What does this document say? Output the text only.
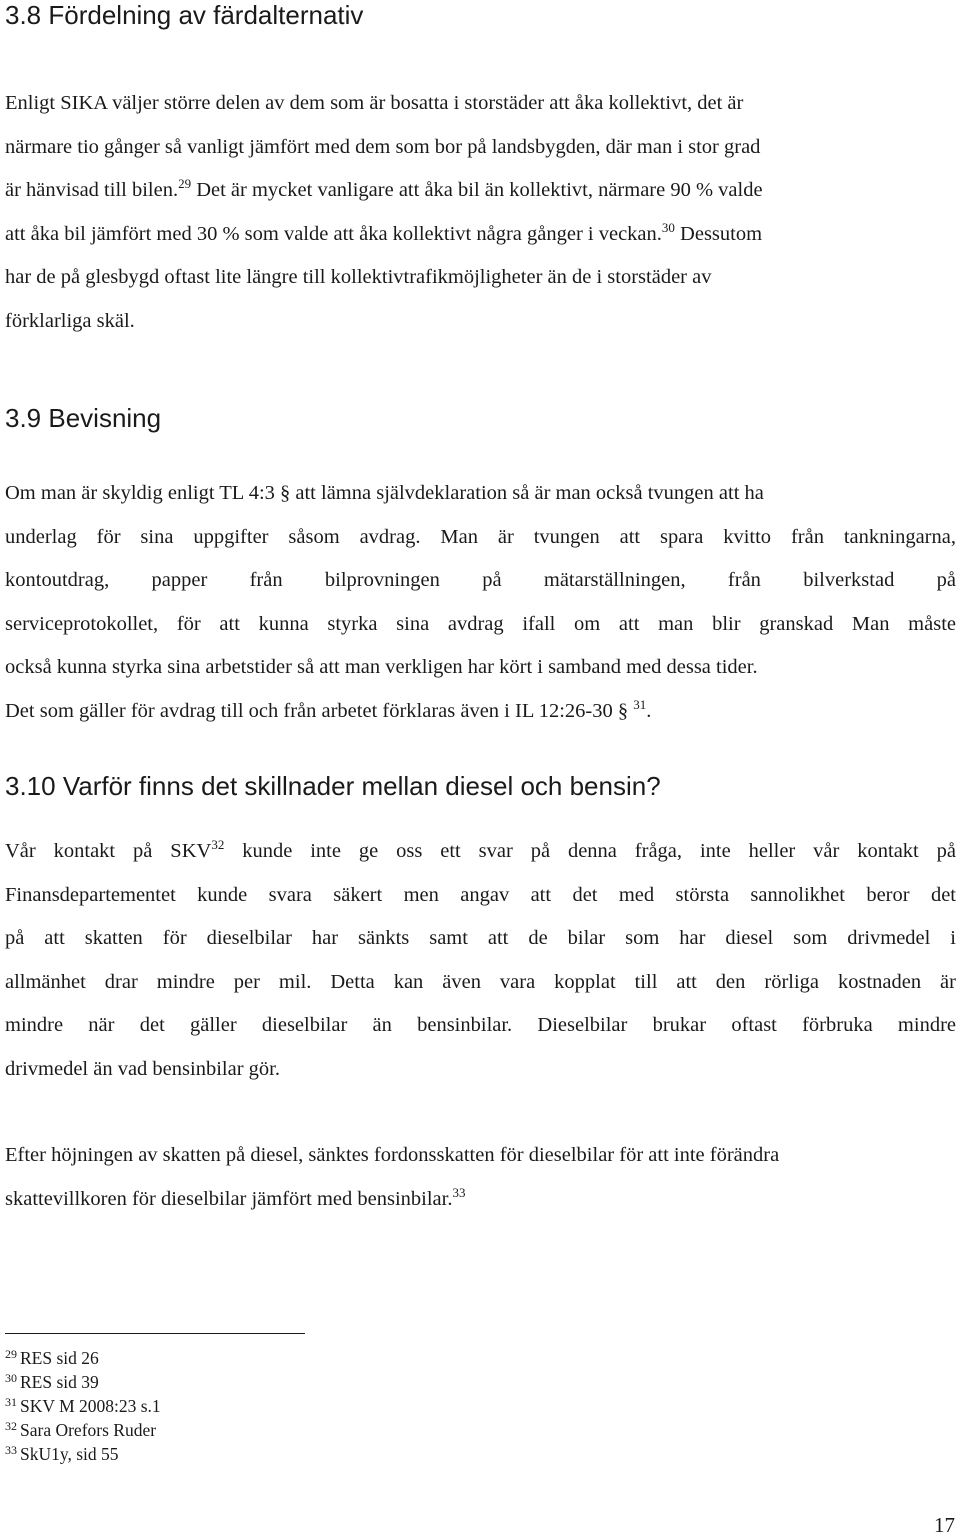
3.8 Fördelning av färdalternativ
Enligt SIKA väljer större delen av dem som är bosatta i storstäder att åka kollektivt, det är
närmare tio gånger så vanligt jämfört med dem som bor på landsbygden, där man i stor grad
är hänvisad till bilen.$^{29}$ Det är mycket vanligare att åka bil än kollektivt, närmare 90 % valde
att åka bil jämfört med 30 % som valde att åka kollektivt några gånger i veckan.$^{30}$ Dessutom
har de på glesbygd oftast lite längre till kollektivtrafikmöjligheter än de i storstäder av
förklarliga skäl.
3.9 Bevisning
Om man är skyldig enligt TL 4:3 § att lämna självdeklaration så är man också tvungen att ha
underlag för sina uppgifter såsom avdrag. Man är tvungen att spara kvitto från tankningarna,
kontoutdrag, papper från bilprovningen på mätarställningen, från bilverkstad på
serviceprotokollet, för att kunna styrka sina avdrag ifall om att man blir granskad Man måste
också kunna styrka sina arbetstider så att man verkligen har kört i samband med dessa tider.
Det som gäller för avdrag till och från arbetet förklaras även i IL 12:26-30 § $^{31}$.
3.10 Varför finns det skillnader mellan diesel och bensin?
Vår kontakt på SKV$^{32}$ kunde inte ge oss ett svar på denna fråga, inte heller vår kontakt på
Finansdepartementet kunde svara säkert men angav att det med största sannolikhet beror det
på att skatten för dieselbilar har sänkts samt att de bilar som har diesel som drivmedel i
allmänhet drar mindre per mil. Detta kan även vara kopplat till att den rörliga kostnaden är
mindre när det gäller dieselbilar än bensinbilar. Dieselbilar brukar oftast förbruka mindre
drivmedel än vad bensinbilar gör.
Efter höjningen av skatten på diesel, sänktes fordonsskatten för dieselbilar för att inte förändra
skattevillkoren för dieselbilar jämfört med bensinbilar.$^{33}$
$^{29}$ RES sid 26
$^{30}$ RES sid 39
$^{31}$ SKV M 2008:23 s.1
$^{32}$ Sara Orefors Ruder
$^{33}$ SkU1y, sid 55
17
